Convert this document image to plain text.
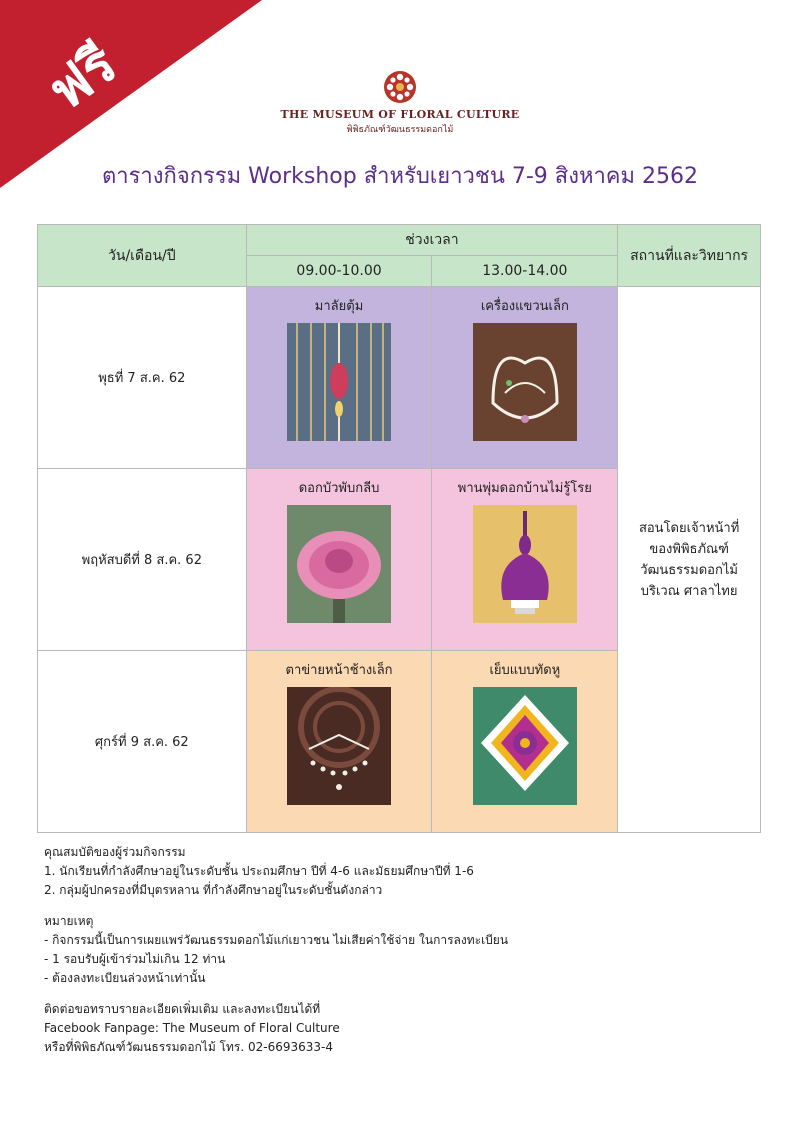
ฟรี	THE MUSEUM OF FLORAL CULTURE
พิพิธภัณฑ์วัฒนธรรมดอกไม้
ตารางกิจกรรม Workshop สำหรับเยาวชน 7-9 สิงหาคม 2562
วัน/เดือน/ปี	ช่วงเวลา		สถานที่และวิทยากร
	09.00-10.00	13.00-14.00	
พุธที่ 7 ส.ค. 62	มาลัยตุ้ม	เครื่องแขวนเล็ก	สอนโดยเจ้าหน้าที่
ของพิพิธภัณฑ์
วัฒนธรรมดอกไม้
บริเวณ ศาลาไทย
พฤหัสบดีที่ 8 ส.ค. 62	ดอกบัวพับกลีบ	พานพุ่มดอกบ้านไม่รู้โรย	

ศุกร์ที่ 9 ส.ค. 62	ตาข่ายหน้าช้างเล็ก	เย็บแบบทัดหู	

คุณสมบัติของผู้ร่วมกิจกรรม

1. นักเรียนที่กำลังศึกษาอยู่ในระดับชั้น ประถมศึกษา ปีที่ 4-6 และมัธยมศึกษาปีที่ 1-6

2. กลุ่มผู้ปกครองที่มีบุตรหลาน ที่กำลังศึกษาอยู่ในระดับชั้นดังกล่าว

หมายเหตุ

- กิจกรรมนี้เป็นการเผยแพร่วัฒนธรรมดอกไม้แก่เยาวชน ไม่เสียค่าใช้จ่าย ในการลงทะเบียน

- 1 รอบรับผู้เข้าร่วมไม่เกิน 12 ท่าน

- ต้องลงทะเบียนล่วงหน้าเท่านั้น

ติดต่อขอทราบรายละเอียดเพิ่มเติม และลงทะเบียนได้ที่

Facebook Fanpage: The Museum of Floral Culture

หรือที่พิพิธภัณฑ์วัฒนธรรมดอกไม้ โทร. 02-6693633-4
